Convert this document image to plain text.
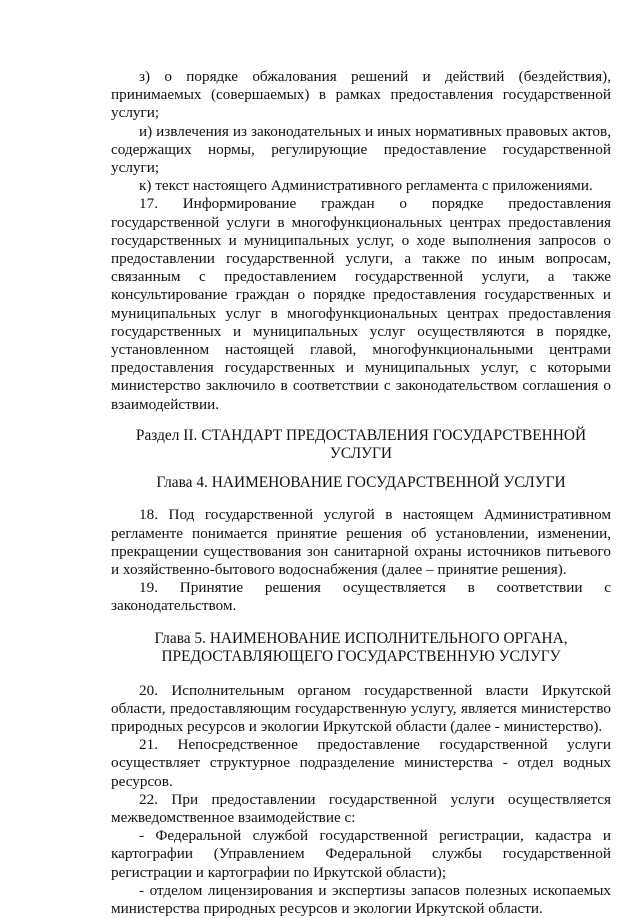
з) о порядке обжалования решений и действий (бездействия), принимаемых (совершаемых) в рамках предоставления государственной услуги;

и) извлечения из законодательных и иных нормативных правовых актов, содержащих нормы, регулирующие предоставление государственной услуги;

к) текст настоящего Административного регламента с приложениями.

17. Информирование граждан о порядке предоставления государственной услуги в многофункциональных центрах предоставления государственных и муниципальных услуг, о ходе выполнения запросов о предоставлении государственной услуги, а также по иным вопросам, связанным с предоставлением государственной услуги, а также консультирование граждан о порядке предоставления государственных и муниципальных услуг в многофункциональных центрах предоставления государственных и муниципальных услуг осуществляются в порядке, установленном настоящей главой, многофункциональными центрами предоставления государственных и муниципальных услуг, с которыми министерство заключило в соответствии с законодательством соглашения о взаимодействии.

Раздел II. СТАНДАРТ ПРЕДОСТАВЛЕНИЯ ГОСУДАРСТВЕННОЙ
УСЛУГИ
Глава 4. НАИМЕНОВАНИЕ ГОСУДАРСТВЕННОЙ УСЛУГИ

18. Под государственной услугой в настоящем Административном регламенте понимается принятие решения об установлении, изменении, прекращении существования зон санитарной охраны источников питьевого и хозяйственно-бытового водоснабжения (далее – принятие решения).

19. Принятие решения осуществляется в соответствии с законодательством.

Глава 5. НАИМЕНОВАНИЕ ИСПОЛНИТЕЛЬНОГО ОРГАНА,
ПРЕДОСТАВЛЯЮЩЕГО ГОСУДАРСТВЕННУЮ УСЛУГУ

20. Исполнительным органом государственной власти Иркутской области, предоставляющим государственную услугу, является министерство природных ресурсов и экологии Иркутской области (далее - министерство).

21. Непосредственное предоставление государственной услуги осуществляет структурное подразделение министерства - отдел водных ресурсов.

22. При предоставлении государственной услуги осуществляется межведомственное взаимодействие с:

- Федеральной службой государственной регистрации, кадастра и картографии (Управлением Федеральной службы государственной регистрации и картографии по Иркутской области);

- отделом лицензирования и экспертизы запасов полезных ископаемых министерства природных ресурсов и экологии Иркутской области.
